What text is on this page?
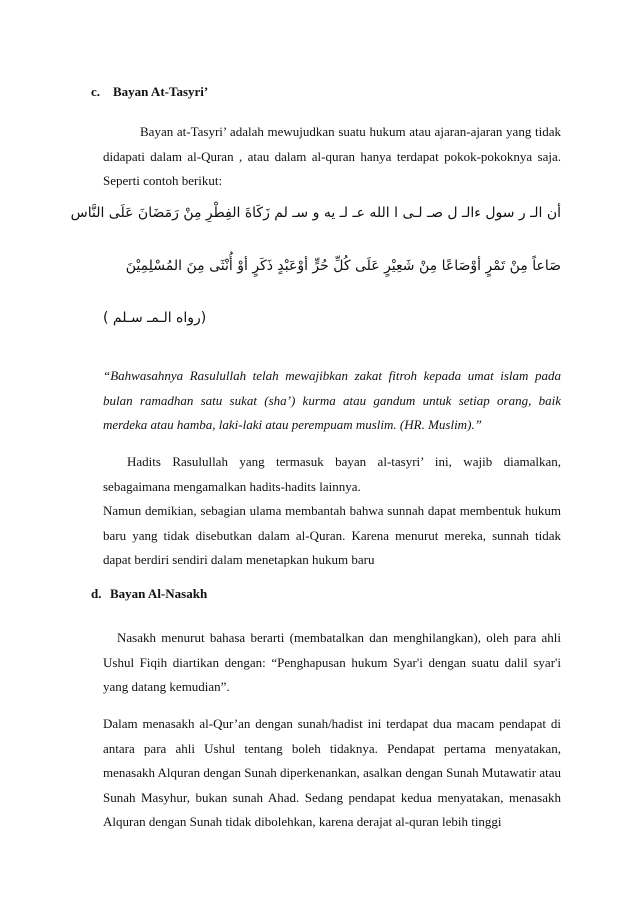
c. Bayan At-Tasyri’

Bayan at-Tasyri’ adalah mewujudkan suatu hukum atau ajaran-ajaran yang tidak didapati dalam al-Quran , atau dalam al-quran hanya terdapat pokok-pokoknya saja. Seperti contoh berikut:

أن الـ ر سول ءالـ ل صـ لـى ا الله عـ لـ يه و سـ لم زَكَاةَ الفِطْرِ مِنْ رَمَضَانَ عَلَى النَّاس

صَاعاً مِنْ تَمْرٍ أوْصَاعًا مِنْ شَعِيْرٍ عَلَى كُلِّ حُرٍّ أوْعَبْدٍ ذَكَرٍ أوْ أُنْثَى مِنَ المُسْلِمِيْنَ

(رواه الـمـ سـلم )

“Bahwasahnya Rasulullah telah mewajibkan zakat fitroh kepada umat islam pada bulan ramadhan satu sukat (sha’) kurma atau gandum untuk setiap orang, baik merdeka atau hamba, laki-laki atau perempuam muslim. (HR. Muslim).”

Hadits Rasulullah yang termasuk bayan al-tasyri’ ini, wajib diamalkan, sebagaimana mengamalkan hadits-hadits lainnya.

Namun demikian, sebagian ulama membantah bahwa sunnah dapat membentuk hukum baru yang tidak disebutkan dalam al-Quran. Karena menurut mereka, sunnah tidak dapat berdiri sendiri dalam menetapkan hukum baru

d. Bayan Al-Nasakh

Nasakh menurut bahasa berarti (membatalkan dan menghilangkan), oleh para ahli Ushul Fiqih diartikan dengan: “Penghapusan hukum Syar'i dengan suatu dalil syar'i yang datang kemudian”.

Dalam menasakh al-Qur’an dengan sunah/hadist ini terdapat dua macam pendapat di antara para ahli Ushul tentang boleh tidaknya. Pendapat pertama menyatakan, menasakh Alquran dengan Sunah diperkenankan, asalkan dengan Sunah Mutawatir atau Sunah Masyhur, bukan sunah Ahad. Sedang pendapat kedua menyatakan, menasakh Alquran dengan Sunah tidak dibolehkan, karena derajat al-quran lebih tinggi
